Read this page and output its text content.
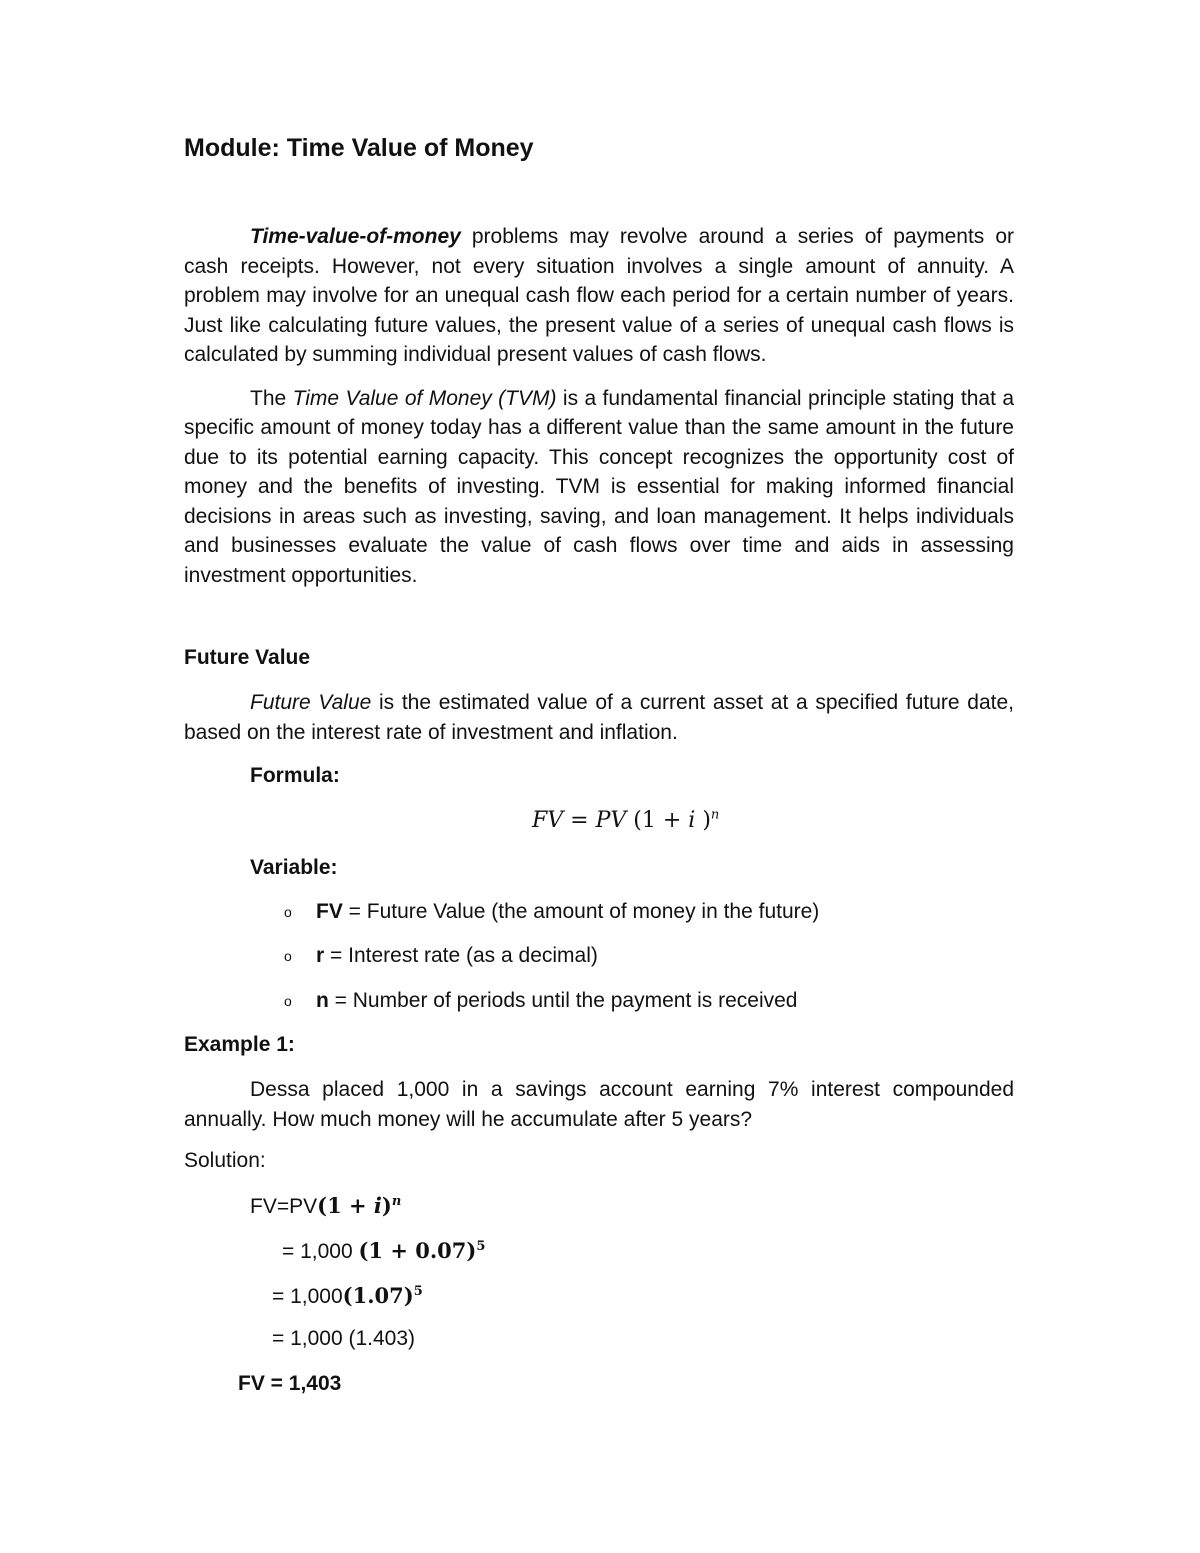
Module: Time Value of Money

Time-value-of-money problems may revolve around a series of payments or cash receipts. However, not every situation involves a single amount of annuity. A problem may involve for an unequal cash flow each period for a certain number of years. Just like calculating future values, the present value of a series of unequal cash flows is calculated by summing individual present values of cash flows.

The Time Value of Money (TVM) is a fundamental financial principle stating that a specific amount of money today has a different value than the same amount in the future due to its potential earning capacity. This concept recognizes the opportunity cost of money and the benefits of investing. TVM is essential for making informed financial decisions in areas such as investing, saving, and loan management. It helps individuals and businesses evaluate the value of cash flows over time and aids in assessing investment opportunities.

Future Value

Future Value is the estimated value of a current asset at a specified future date, based on the interest rate of investment and inflation.

Formula:
FV = PV (1 + i )$^n$
Variable:
o FV = Future Value (the amount of money in the future)
o r = Interest rate (as a decimal)
o n = Number of periods until the payment is received
Example 1:

Dessa placed 1,000 in a savings account earning 7% interest compounded annually. How much money will he accumulate after 5 years?

Solution:
$FV=PV(1 + i)^n$
= 1,000 $(1 + 0.07)^5$
= $1,000(1.07)^5$
= 1,000 (1.403)
FV = 1,403
